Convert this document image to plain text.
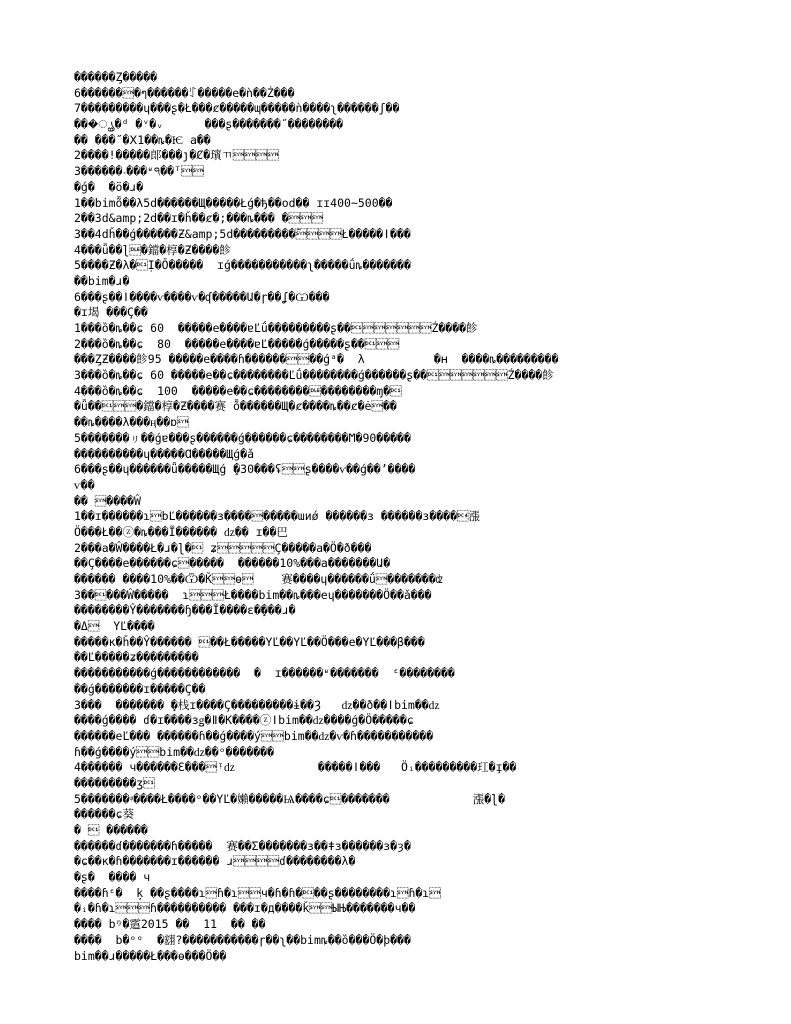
������Ȥ�����
6�������ๆ������ꇰ�����e�ǹ��Ż���
7���������ɥ���ʂ�Ł���ȼ�����ɰ�����ǹ����ʅ������ʃ��
���ൄ�ᵈ �ᵛ�ᵥ      ���ʂ�������˝��������
�� ���˝�Ⅹ1��ȵ�Ѥ a��
2����!�����郞���ȷ�Ȼ�璸ㄲ
3������˴���ʶ੧��ᵀ
�ǵ�  �ö�ɹ�
1��bimȭ��λ5d������Щ�����Łǵ�ђ��od�� ɪɪ400~500��
2��3d&amp;2d��ɪ�ȟ��ȼ�;���ȵ��� �
3��4dȟ��ǵ������Ƶ&amp;5d���������̑Ł�����ǀ���
4���ǖ��ɭ�鐺�椁�Ƶ����飻
5����Ƶ�λ�Ị�Ǒ�����  ɪǵ�����������ʅ�����ǘȵ�������
��bim�ɹ�
6���ʂ��ǀ����ѵ����ѵ�ʠ�����Ա�ɼ��ʆ�Ѡ���
�ɪ堨 ���Ç��
1���ȍ�ȵ��ɕ 60  �����e����ɐĽǘ���������ʂ��Ź����飻
2���ȍ�ȵ��ɕ  80  �����e����ɐĽ�����ǵ�����ʂ��
���ȤƵ����飻95 �����e����ɦ��������ǵᵃ�  λ          �ʜ  ����ȵ���������
3���ȍ�ȵ��ɕ 60 �����e��ɕ��������Ľǘ��������ǵ������ʂ��Ź����飻
4���ȍ�ȵ��ɕ  100  �����e��ɕ����������������ɱ�
�ǖ���鐺�椁�Ƶ����赛 ȭ������Щ�ȼ����ȵ��ȼ�ė��
��ȵ����λ���ӊ��ɒ
5�������ㇼ��ǵɐ���ʂ������ǵ������ɕ��������Ϻ�90�����
����������ɥ�����Ɑ�����Щǵ�ǎ
6���ʂ��ɥ������ǖ�����Щǵ ̧�30���ʢʂ����ѵ��ǵ��ʼ����
ѵ��
�� ����Ŵ
1��ɪ������ɿbĽ������ɜ���������ɯиǿ ������ɜ ������ɜ����漲
Ö���Ł��ⓩ�ȵ���Ĩ������ ǳ�� ɪ��巴
2���a�Ŵ����Ł�ɹ�ɭ� ʑÇ�����a�Ö�ð���
��Ç����e������ɕ�����  ������10%���a�������Ա�
������ ����10%��Ѿ�Ǩɵ    赛����ɥ������ǘ�������ʣ
3�����Ŵ�����  ɿŁ����bim��ȵ���еɥ�������Ö��ǎ���
��������Ŷ�������ɧ���Ĩ����ԑ�̧���ɹ�
�Δ  YĽ����
�����к�ȟ��Ŷ������ ��Ł�����YĽ��YĽ��Ö���e�YĽ���β���
��Ľ�����ʑ���������
�����������ǵ������������  �  ɪ������ʶ�������  ᵋ��������
��ǵ�������ɪ�����Ç��
3���  ������� ̧�栈ɪ����Ç���������ɨ��Ȝ   ǳ��ð��ǀbim��ǳ
����ǵ���� ɗ�ɪ����ɜǥ�ǁ�К����ⓩǀbim��ǳ����ǵ�Ö�����ɕ
������eĽ��� ������ɦ��ǵ����ýbim��ǳ�ѵ�ɦ�����������
ɦ��ǵ����ýbim��ǳ��ᵒ�������
4������ ч������Ɛ���ᵎǳ            �����ǀ���   Öᵢ���������玒�̧ɪ��
���������ʒ
5�������ᵠ����Ł����ᵒ��YĽ�嬾�����Ѩ����ɕ�������            漲�ɭ�
������ɕ葵
�  ������
������ɗ�������ɦ�����  赛��Ʃ�������ɜ��ǂɜ������ɜ�ȝ�
�ɕ��к�ɦ�������ɪ������ ɹɗ��������λ�
�ʂ�  ���� ч
����ɦᵋ�  ķ ��ʂ����ɿɦ�ɿч�ɦ�ɦ���ʂ��������ɿɦ�ɿ
�ᵢ�ɦ�ɿɦ���������� ���ɪ�д����ǩЫЊ�������ч��
���� bᵑ�䨨2015 ��  11  �� ��
����  b�ᵒᵒ  �翝?�����������ɼ��ʅ��bimȵ��ȍ���Ö�þ���
bim��ɹ�����Ł���ɵ���Ö��
